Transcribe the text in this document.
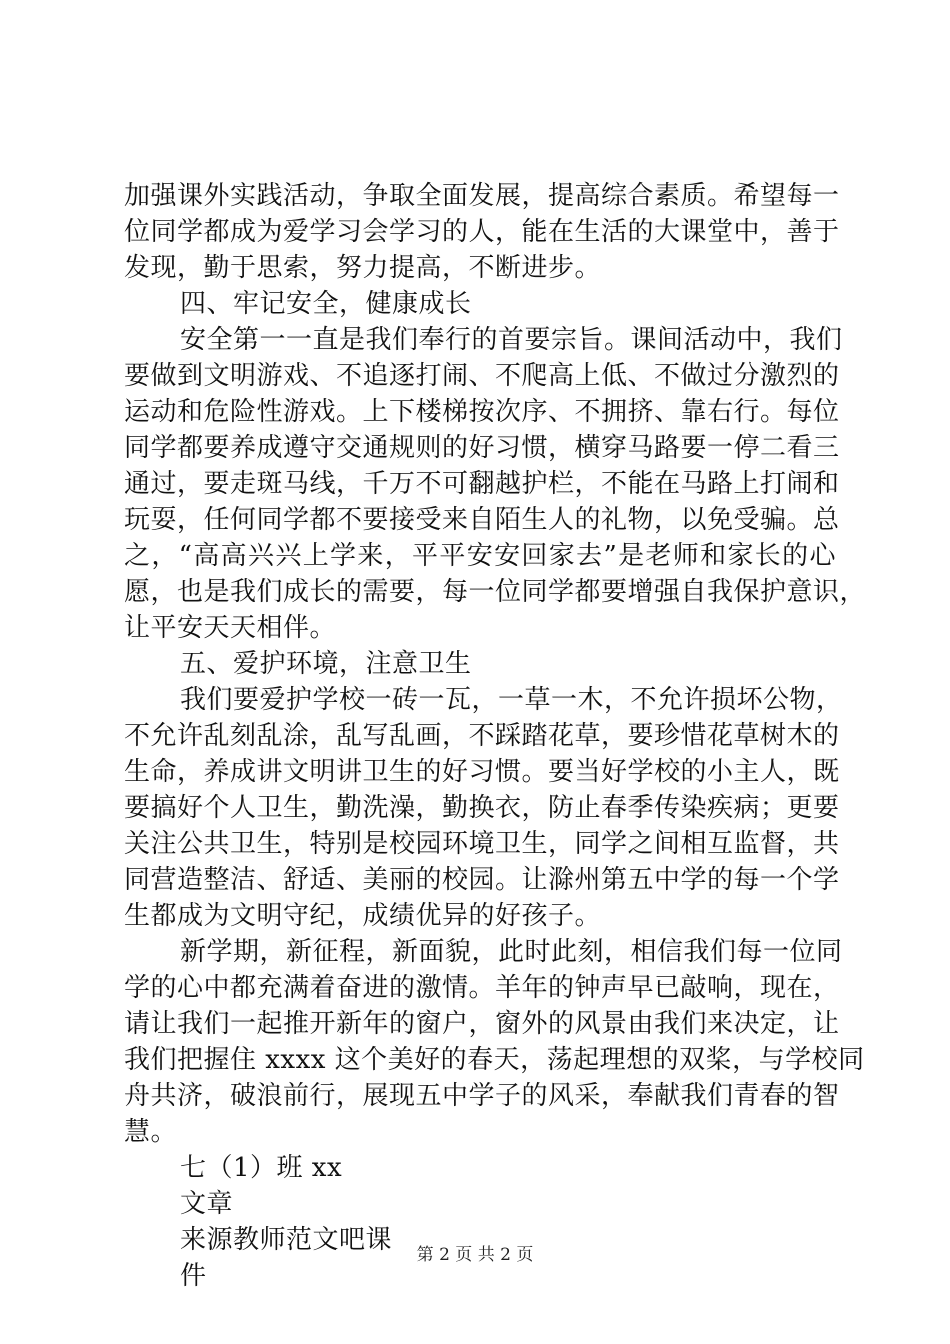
加强课外实践活动，争取全面发展，提高综合素质。希望每一
位同学都成为爱学习会学习的人，能在生活的大课堂中，善于
发现，勤于思索，努力提高，不断进步。
四、牢记安全，健康成长
安全第一一直是我们奉行的首要宗旨。课间活动中，我们
要做到文明游戏、不追逐打闹、不爬高上低、不做过分激烈的
运动和危险性游戏。上下楼梯按次序、不拥挤、靠右行。每位
同学都要养成遵守交通规则的好习惯，横穿马路要一停二看三
通过，要走斑马线，千万不可翻越护栏，不能在马路上打闹和
玩耍，任何同学都不要接受来自陌生人的礼物，以免受骗。总
之，“高高兴兴上学来，平平安安回家去”是老师和家长的心
愿，也是我们成长的需要，每一位同学都要增强自我保护意识，
让平安天天相伴。
五、爱护环境，注意卫生
我们要爱护学校一砖一瓦，一草一木，不允许损坏公物，
不允许乱刻乱涂，乱写乱画，不踩踏花草，要珍惜花草树木的
生命，养成讲文明讲卫生的好习惯。要当好学校的小主人，既
要搞好个人卫生，勤洗澡，勤换衣，防止春季传染疾病；更要
关注公共卫生，特别是校园环境卫生，同学之间相互监督，共
同营造整洁、舒适、美丽的校园。让滁州第五中学的每一个学
生都成为文明守纪，成绩优异的好孩子。
新学期，新征程，新面貌，此时此刻，相信我们每一位同
学的心中都充满着奋进的激情。羊年的钟声早已敲响，现在，
请让我们一起推开新年的窗户，窗外的风景由我们来决定，让
我们把握住 xxxx 这个美好的春天，荡起理想的双桨，与学校同
舟共济，破浪前行，展现五中学子的风采，奉献我们青春的智
慧。
七（1）班 xx
文章
来源教师范文吧课
件
第 2 页 共 2 页
